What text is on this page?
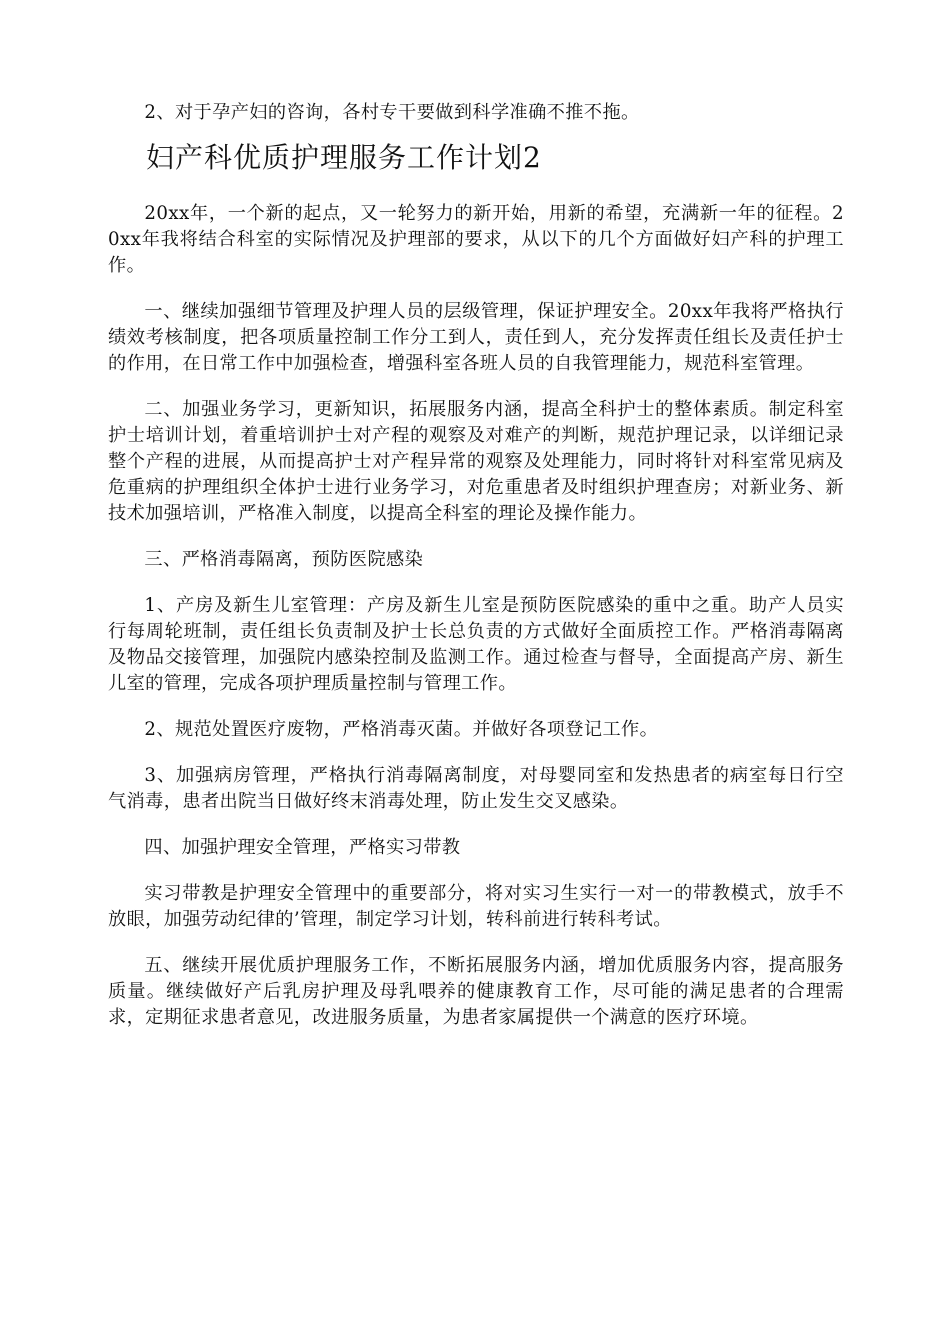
2、对于孕产妇的咨询，各村专干要做到科学准确不推不拖。

妇产科优质护理服务工作计划2

20xx年，一个新的起点，又一轮努力的新开始，用新的希望，充满新一年的征程。20xx年我将结合科室的实际情况及护理部的要求，从以下的几个方面做好妇产科的护理工作。

一、继续加强细节管理及护理人员的层级管理，保证护理安全。20xx年我将严格执行绩效考核制度，把各项质量控制工作分工到人，责任到人，充分发挥责任组长及责任护士的作用，在日常工作中加强检查，增强科室各班人员的自我管理能力，规范科室管理。

二、加强业务学习，更新知识，拓展服务内涵，提高全科护士的整体素质。制定科室护士培训计划，着重培训护士对产程的观察及对难产的判断，规范护理记录，以详细记录整个产程的进展，从而提高护士对产程异常的观察及处理能力，同时将针对科室常见病及危重病的护理组织全体护士进行业务学习，对危重患者及时组织护理查房；对新业务、新技术加强培训，严格准入制度，以提高全科室的理论及操作能力。

三、严格消毒隔离，预防医院感染

1、产房及新生儿室管理：产房及新生儿室是预防医院感染的重中之重。助产人员实行每周轮班制，责任组长负责制及护士长总负责的方式做好全面质控工作。严格消毒隔离及物品交接管理，加强院内感染控制及监测工作。通过检查与督导，全面提高产房、新生儿室的管理，完成各项护理质量控制与管理工作。

2、规范处置医疗废物，严格消毒灭菌。并做好各项登记工作。

3、加强病房管理，严格执行消毒隔离制度，对母婴同室和发热患者的病室每日行空气消毒，患者出院当日做好终末消毒处理，防止发生交叉感染。

四、加强护理安全管理，严格实习带教

实习带教是护理安全管理中的重要部分，将对实习生实行一对一的带教模式，放手不放眼，加强劳动纪律的’管理，制定学习计划，转科前进行转科考试。

五、继续开展优质护理服务工作，不断拓展服务内涵，增加优质服务内容，提高服务质量。继续做好产后乳房护理及母乳喂养的健康教育工作，尽可能的满足患者的合理需求，定期征求患者意见，改进服务质量，为患者家属提供一个满意的医疗环境。
